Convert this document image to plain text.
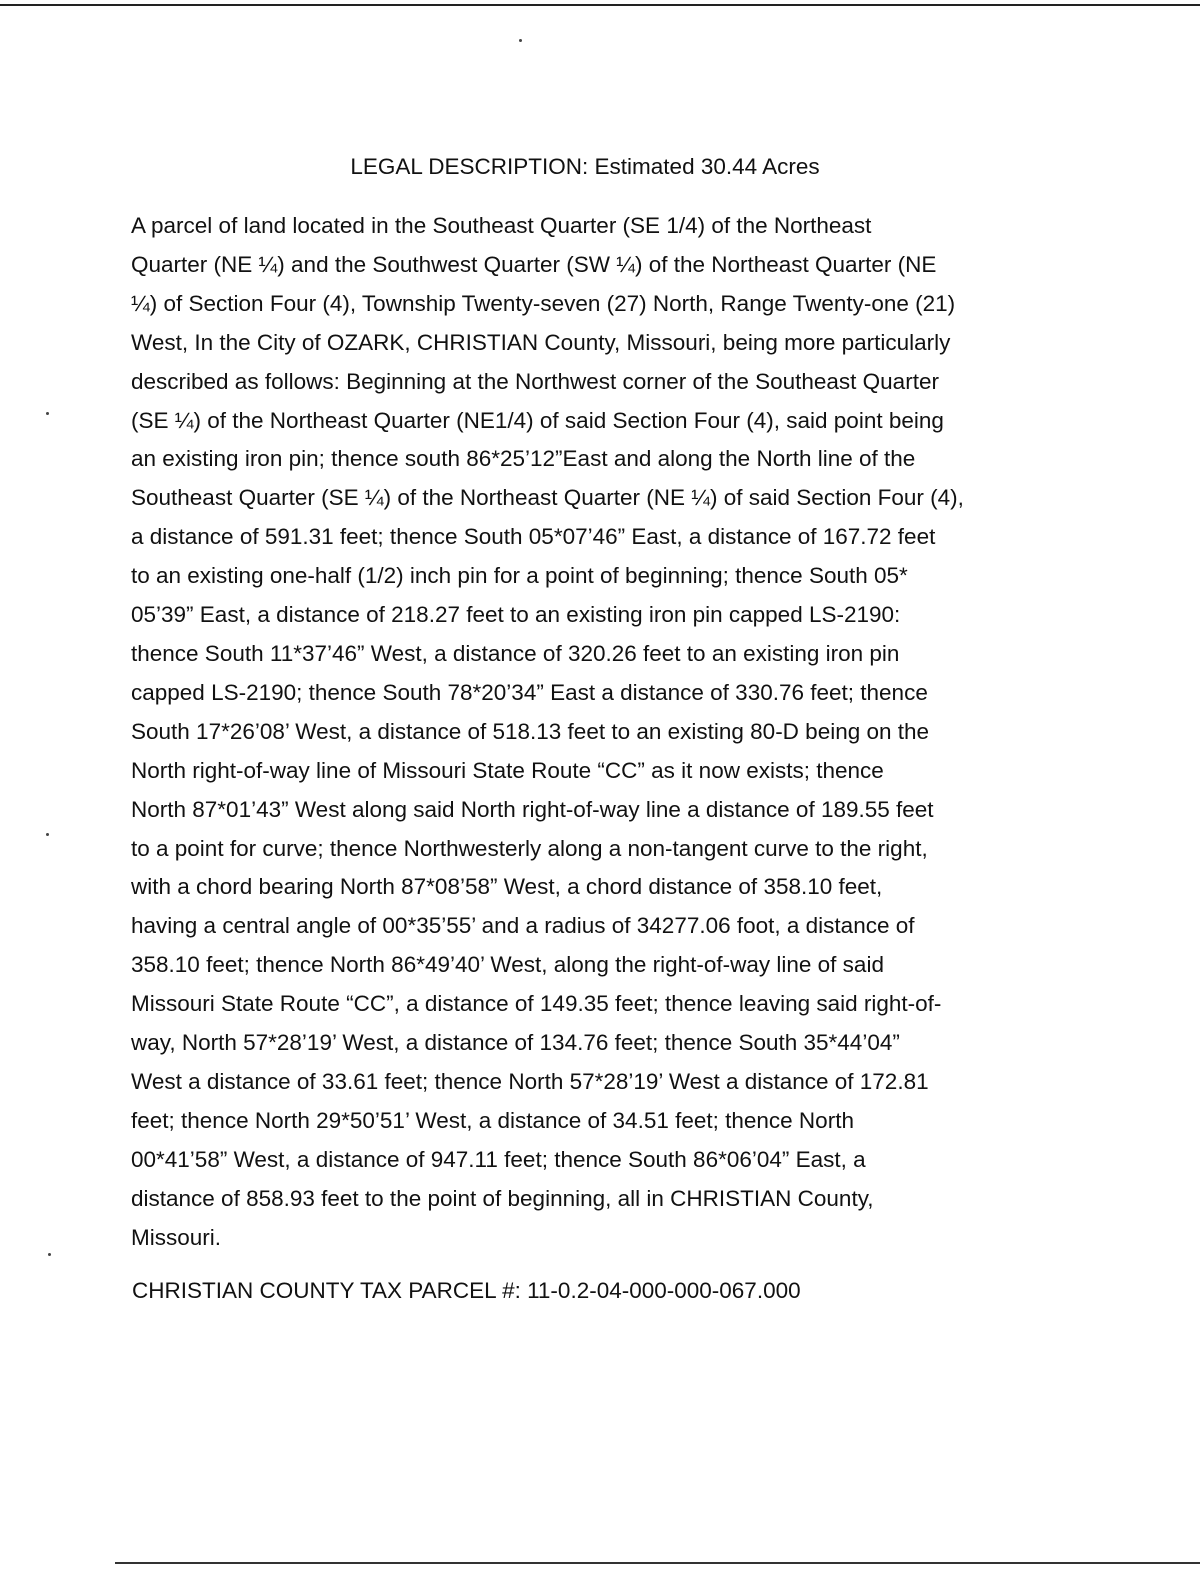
LEGAL DESCRIPTION: Estimated 30.44 Acres

A parcel of land located in the Southeast Quarter (SE 1/4) of the Northeast
Quarter (NE ¼) and the Southwest Quarter (SW ¼) of the Northeast Quarter (NE
¼) of Section Four (4), Township Twenty-seven (27) North, Range Twenty-one (21)
West, In the City of OZARK, CHRISTIAN County, Missouri, being more particularly
described as follows: Beginning at the Northwest corner of the Southeast Quarter
(SE ¼) of the Northeast Quarter (NE1/4) of said Section Four (4), said point being
an existing iron pin; thence south 86*25’12”East and along the North line of the
Southeast Quarter (SE ¼) of the Northeast Quarter (NE ¼) of said Section Four (4),
a distance of 591.31 feet; thence South 05*07’46” East, a distance of 167.72 feet
to an existing one-half (1/2) inch pin for a point of beginning; thence South 05*
05’39” East, a distance of 218.27 feet to an existing iron pin capped LS-2190:
thence South 11*37’46” West, a distance of 320.26 feet to an existing iron pin
capped LS-2190; thence South 78*20’34” East a distance of 330.76 feet; thence
South 17*26’08’ West, a distance of 518.13 feet to an existing 80-D being on the
North right-of-way line of Missouri State Route “CC” as it now exists; thence
North 87*01’43” West along said North right-of-way line a distance of 189.55 feet
to a point for curve; thence Northwesterly along a non-tangent curve to the right,
with a chord bearing North 87*08’58” West, a chord distance of 358.10 feet,
having a central angle of 00*35’55’ and a radius of 34277.06 foot, a distance of
358.10 feet; thence North 86*49’40’ West, along the right-of-way line of said
Missouri State Route “CC”, a distance of 149.35 feet; thence leaving said right-of-
way, North 57*28’19’ West, a distance of 134.76 feet; thence South 35*44’04”
West a distance of 33.61 feet; thence North 57*28’19’ West a distance of 172.81
feet; thence North 29*50’51’ West, a distance of 34.51 feet; thence North
00*41’58” West, a distance of 947.11 feet; thence South 86*06’04” East, a
distance of 858.93 feet to the point of beginning, all in CHRISTIAN County,
Missouri.

CHRISTIAN COUNTY TAX PARCEL #: 11-0.2-04-000-000-067.000
